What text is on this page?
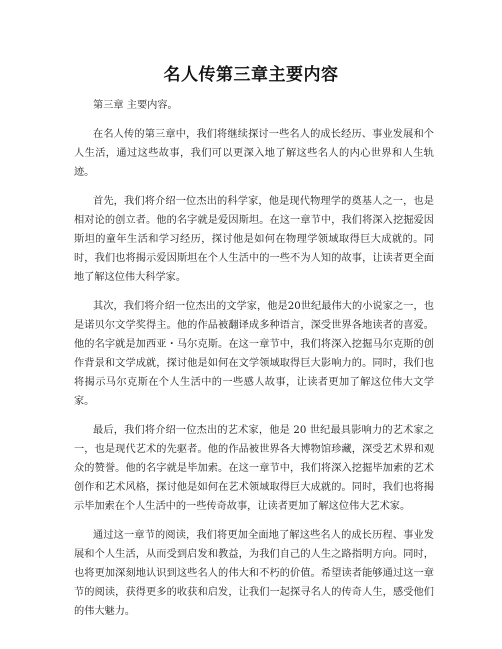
名人传第三章主要内容

第三章 主要内容。

在名人传的第三章中，我们将继续探讨一些名人的成长经历、事业发展和个人生活，通过这些故事，我们可以更深入地了解这些名人的内心世界和人生轨迹。

首先，我们将介绍一位杰出的科学家，他是现代物理学的奠基人之一，也是相对论的创立者。他的名字就是爱因斯坦。在这一章节中，我们将深入挖掘爱因斯坦的童年生活和学习经历，探讨他是如何在物理学领域取得巨大成就的。同时，我们也将揭示爱因斯坦在个人生活中的一些不为人知的故事，让读者更全面地了解这位伟大科学家。

其次，我们将介绍一位杰出的文学家，他是20世纪最伟大的小说家之一，也是诺贝尔文学奖得主。他的作品被翻译成多种语言，深受世界各地读者的喜爱。他的名字就是加西亚・马尔克斯。在这一章节中，我们将深入挖掘马尔克斯的创作背景和文学成就，探讨他是如何在文学领域取得巨大影响力的。同时，我们也将揭示马尔克斯在个人生活中的一些感人故事，让读者更加了解这位伟大文学家。

最后，我们将介绍一位杰出的艺术家，他是 20 世纪最具影响力的艺术家之一，也是现代艺术的先驱者。他的作品被世界各大博物馆珍藏，深受艺术界和观众的赞誉。他的名字就是毕加索。在这一章节中，我们将深入挖掘毕加索的艺术创作和艺术风格，探讨他是如何在艺术领域取得巨大成就的。同时，我们也将揭示毕加索在个人生活中的一些传奇故事，让读者更加了解这位伟大艺术家。

通过这一章节的阅读，我们将更加全面地了解这些名人的成长历程、事业发展和个人生活，从而受到启发和教益，为我们自己的人生之路指明方向。同时，也将更加深刻地认识到这些名人的伟大和不朽的价值。希望读者能够通过这一章节的阅读，获得更多的收获和启发，让我们一起探寻名人的传奇人生，感受他们的伟大魅力。
